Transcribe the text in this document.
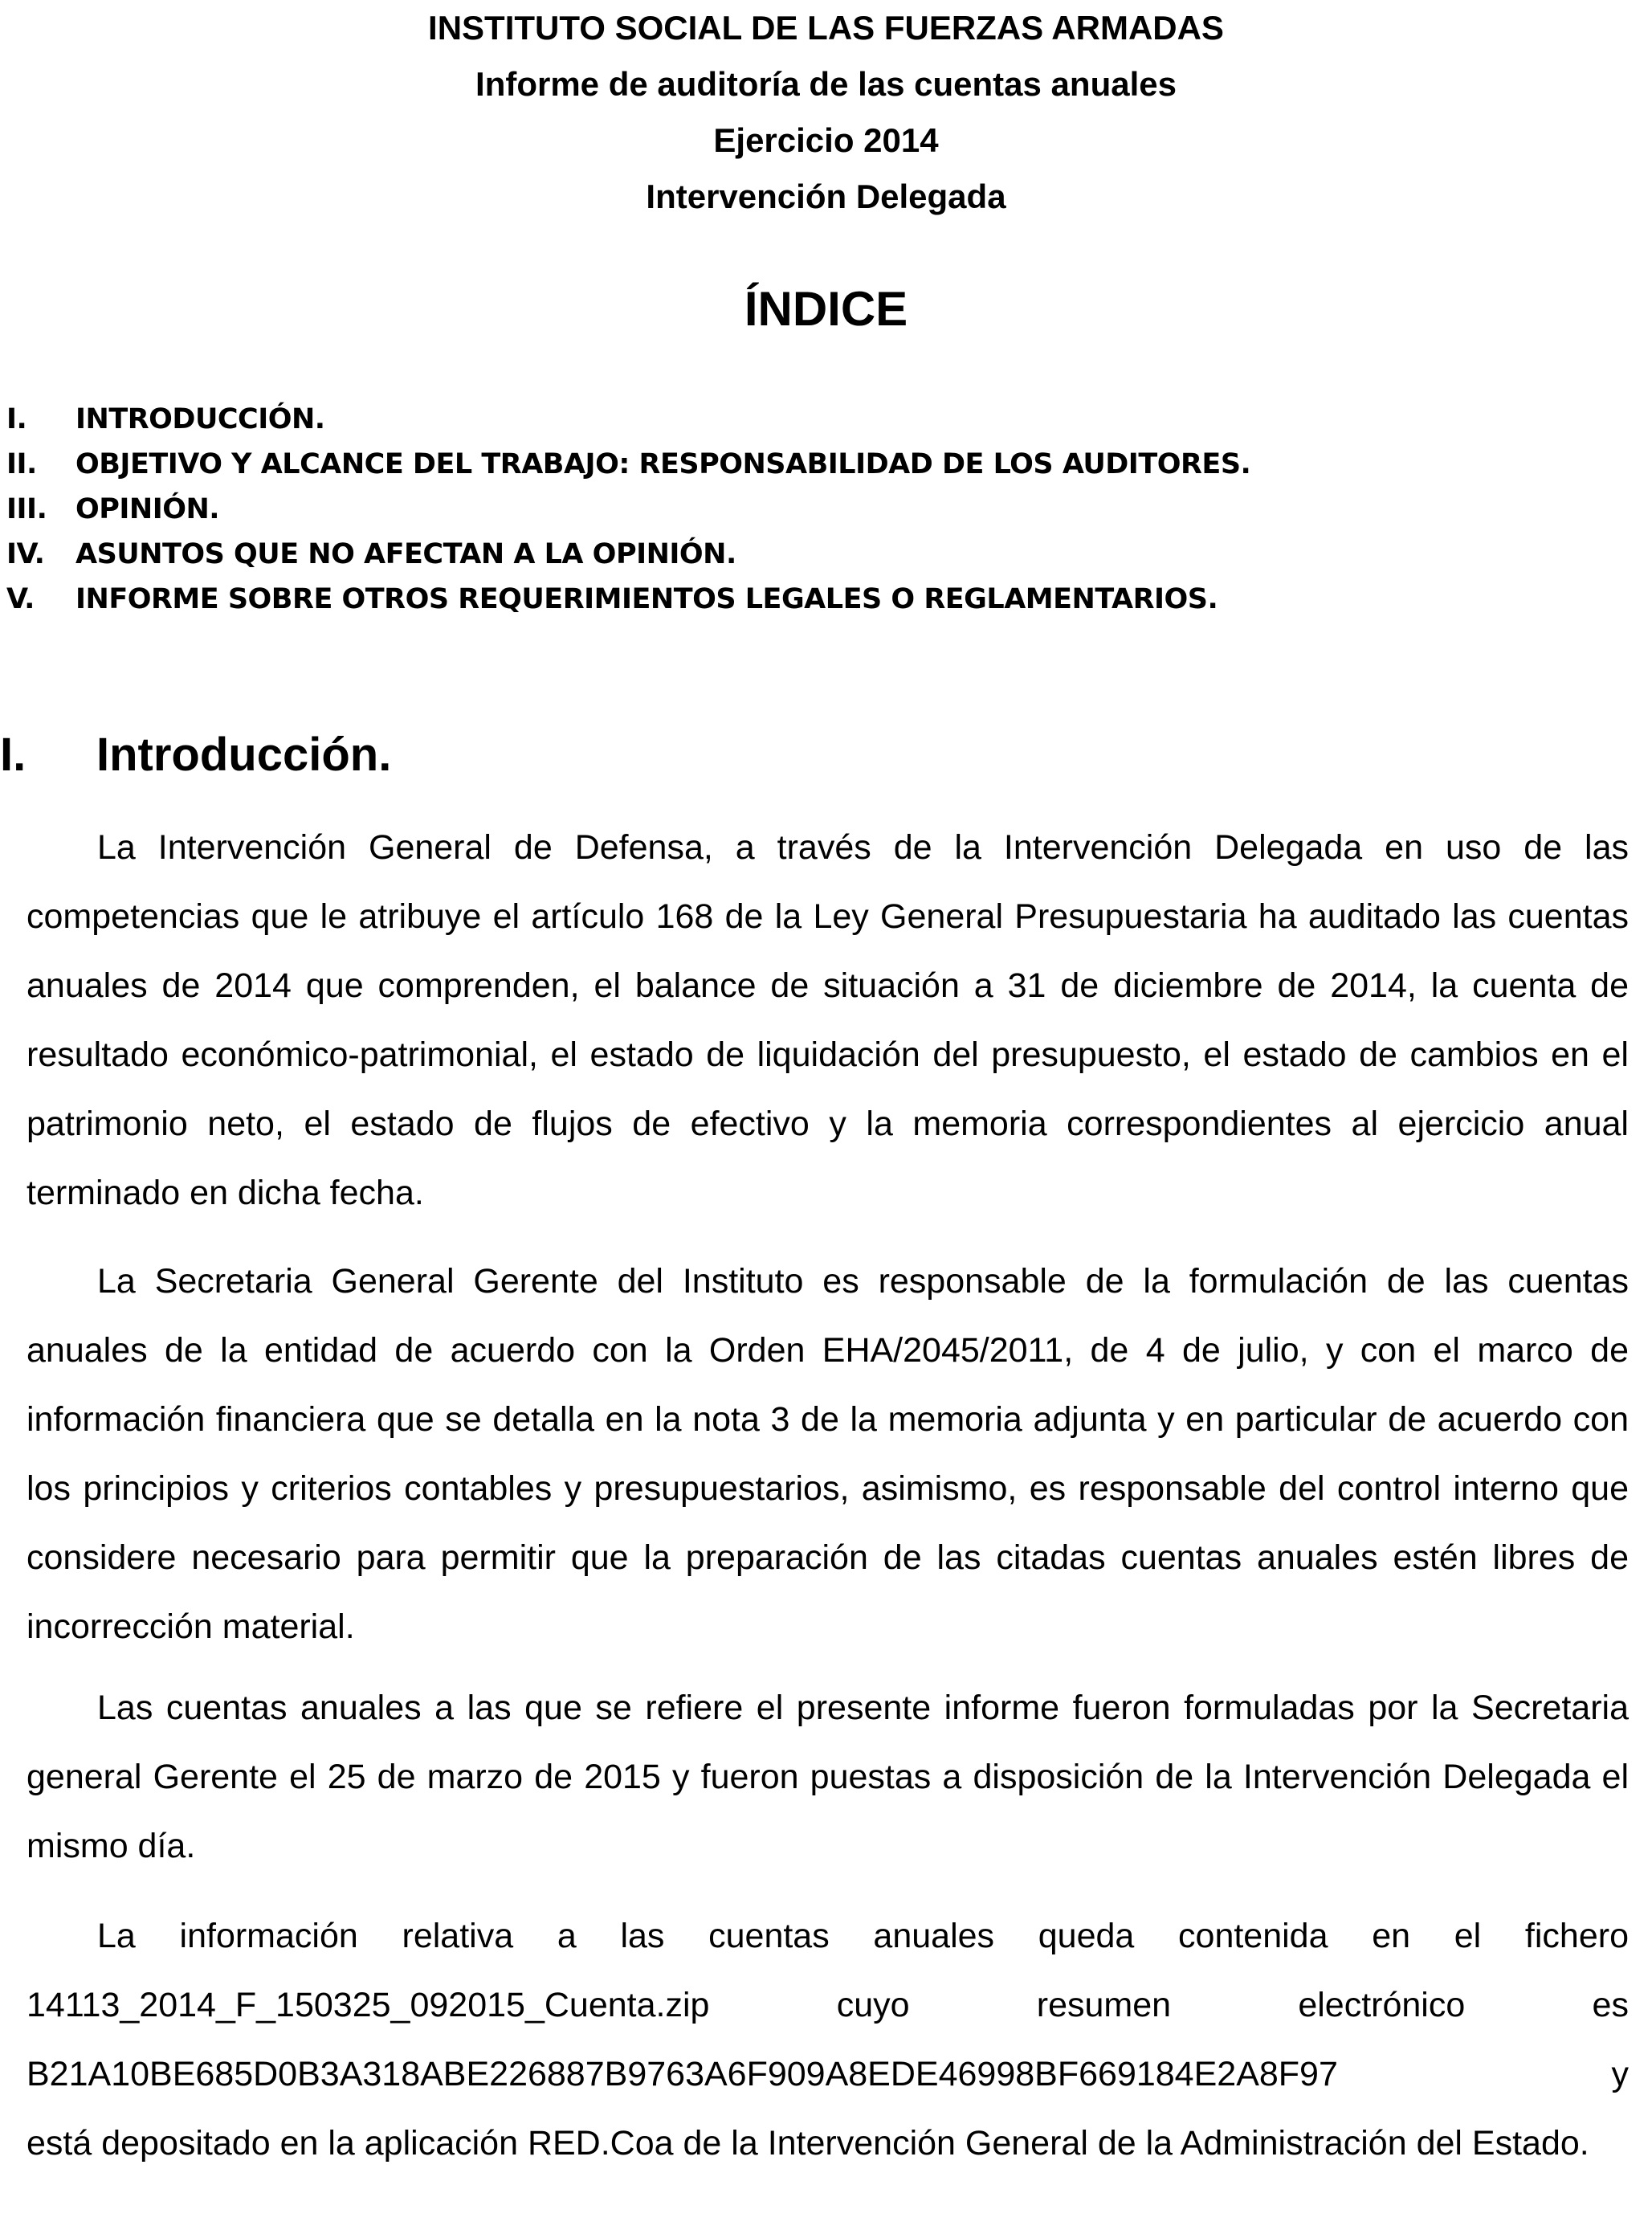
INSTITUTO SOCIAL DE LAS FUERZAS ARMADAS
Informe de auditoría de las cuentas anuales
Ejercicio 2014
Intervención Delegada
ÍNDICE
I. INTRODUCCIÓN.
II. OBJETIVO Y ALCANCE DEL TRABAJO: RESPONSABILIDAD DE LOS AUDITORES.
III. OPINIÓN.
IV. ASUNTOS QUE NO AFECTAN A LA OPINIÓN.
V. INFORME SOBRE OTROS REQUERIMIENTOS LEGALES O REGLAMENTARIOS.
I. Introducción.

La Intervención General de Defensa, a través de la Intervención Delegada en uso de las competencias que le atribuye el artículo 168 de la Ley General Presupuestaria ha auditado las cuentas anuales de 2014 que comprenden, el balance de situación a 31 de diciembre de 2014, la cuenta de resultado económico-patrimonial, el estado de liquidación del presupuesto, el estado de cambios en el patrimonio neto, el estado de flujos de efectivo y la memoria correspondientes al ejercicio anual terminado en dicha fecha.

La Secretaria General Gerente del Instituto es responsable de la formulación de las cuentas anuales de la entidad de acuerdo con la Orden EHA/2045/2011, de 4 de julio, y con el marco de información financiera que se detalla en la nota 3 de la memoria adjunta y en particular de acuerdo con los principios y criterios contables y presupuestarios, asimismo, es responsable del control interno que considere necesario para permitir que la preparación de las citadas cuentas anuales estén libres de incorrección material.

Las cuentas anuales a las que se refiere el presente informe fueron formuladas por la Secretaria general Gerente el 25 de marzo de 2015 y fueron puestas a disposición de la Intervención Delegada el mismo día.

La información relativa a las cuentas anuales queda contenida en el fichero
14113_2014_F_150325_092015_Cuenta.zip	cuyo	resumen	electrónico	es
B21A10BE685D0B3A318ABE226887B9763A6F909A8EDE46998BF669184E2A8F97	y
está depositado en la aplicación RED.Coa de la Intervención General de la Administración del Estado.
